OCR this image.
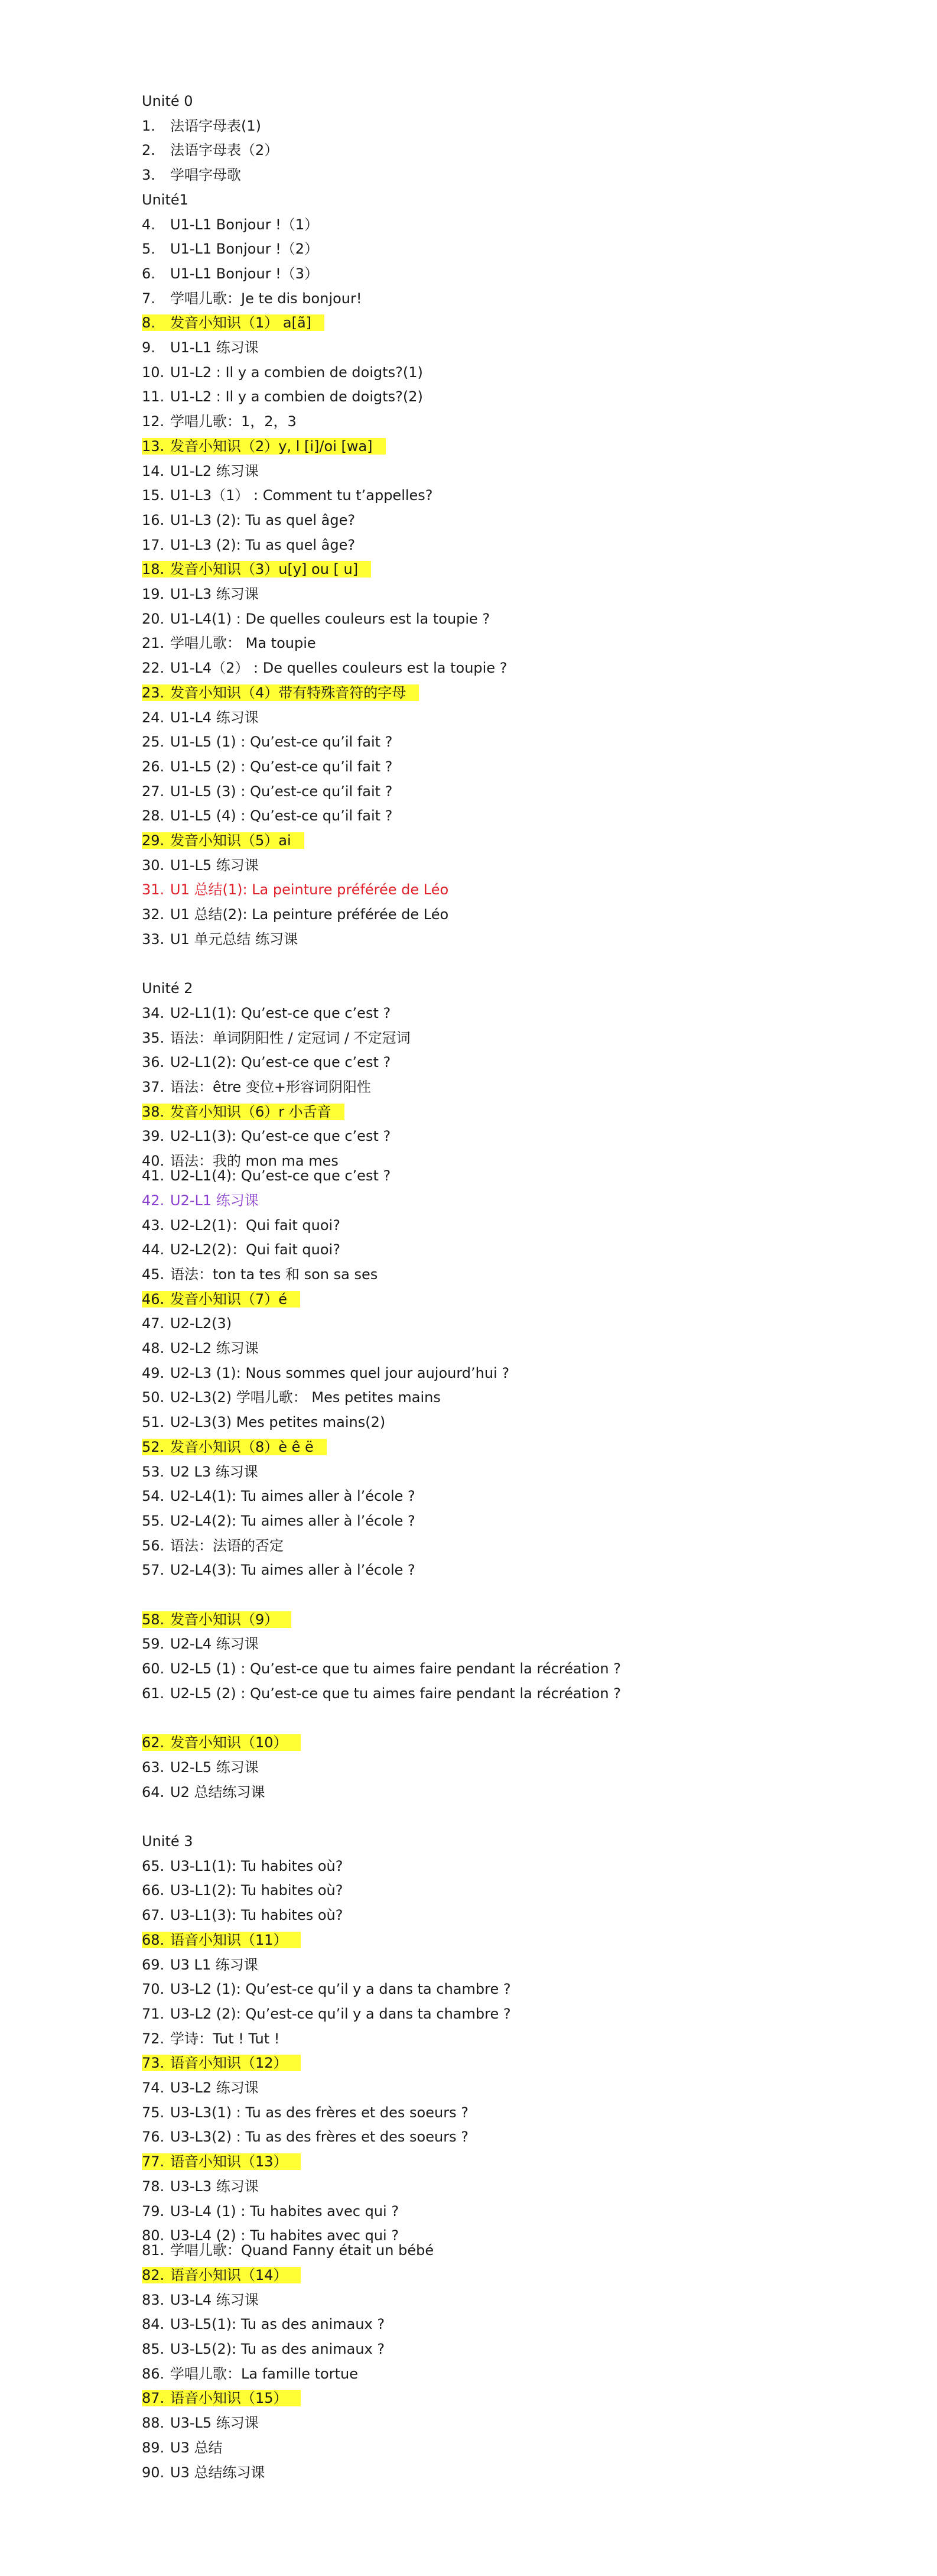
Unité 0
1. 法语字母表(1)
2. 法语字母表（2）
3. 学唱字母歌
Unité1
4. U1-L1 Bonjour !（1）
5. U1-L1 Bonjour !（2）
6. U1-L1 Bonjour !（3）
7. 学唱儿歌：Je te dis bonjour!
8. 发音小知识（1） a[ã]
9. U1-L1 练习课
10. U1-L2 : Il y a combien de doigts?(1)
11. U1-L2 : Il y a combien de doigts?(2)
12. 学唱儿歌：1，2，3
13. 发音小知识（2）y, l [i]/oi [wa]
14. U1-L2 练习课
15. U1-L3（1） : Comment tu t’appelles?
16. U1-L3 (2): Tu as quel âge?
17. U1-L3 (2): Tu as quel âge?
18. 发音小知识（3）u[y] ou [ u]
19. U1-L3 练习课
20. U1-L4(1) : De quelles couleurs est la toupie ?
21. 学唱儿歌： Ma toupie
22. U1-L4（2） : De quelles couleurs est la toupie ?
23. 发音小知识（4）带有特殊音符的字母
24. U1-L4 练习课
25. U1-L5 (1) : Qu’est-ce qu’il fait ?
26. U1-L5 (2) : Qu’est-ce qu’il fait ?
27. U1-L5 (3) : Qu’est-ce qu’il fait ?
28. U1-L5 (4) : Qu’est-ce qu’il fait ?
29. 发音小知识（5）ai
30. U1-L5 练习课
31. U1 总结(1): La peinture préférée de Léo
32. U1 总结(2): La peinture préférée de Léo
33. U1 单元总结 练习课
Unité 2
34. U2-L1(1): Qu’est-ce que c’est ?
35. 语法：单词阴阳性 / 定冠词 / 不定冠词
36. U2-L1(2): Qu’est-ce que c’est ?
37. 语法：être 变位+形容词阴阳性
38. 发音小知识（6）r 小舌音
39. U2-L1(3): Qu’est-ce que c’est ?
40. 语法：我的 mon ma mes
41. U2-L1(4): Qu’est-ce que c’est ?
42. U2-L1 练习课
43. U2-L2(1)：Qui fait quoi?
44. U2-L2(2)：Qui fait quoi?
45. 语法：ton ta tes 和 son sa ses
46. 发音小知识（7）é
47. U2-L2(3)
48. U2-L2 练习课
49. U2-L3 (1): Nous sommes quel jour aujourd’hui ?
50. U2-L3(2) 学唱儿歌： Mes petites mains
51. U2-L3(3) Mes petites mains(2)
52. 发音小知识（8）è ê ë
53. U2 L3 练习课
54. U2-L4(1): Tu aimes aller à l’école ?
55. U2-L4(2): Tu aimes aller à l’école ?
56. 语法：法语的否定
57. U2-L4(3): Tu aimes aller à l’école ?
58. 发音小知识（9）
59. U2-L4 练习课
60. U2-L5 (1) : Qu’est-ce que tu aimes faire pendant la récréation ?
61. U2-L5 (2) : Qu’est-ce que tu aimes faire pendant la récréation ?
62. 发音小知识（10）
63. U2-L5 练习课
64. U2 总结练习课
Unité 3
65. U3-L1(1): Tu habites où?
66. U3-L1(2): Tu habites où?
67. U3-L1(3): Tu habites où?
68. 语音小知识（11）
69. U3 L1 练习课
70. U3-L2 (1): Qu’est-ce qu’il y a dans ta chambre ?
71. U3-L2 (2): Qu’est-ce qu’il y a dans ta chambre ?
72. 学诗：Tut ! Tut !
73. 语音小知识（12）
74. U3-L2 练习课
75. U3-L3(1) : Tu as des frères et des soeurs ?
76. U3-L3(2) : Tu as des frères et des soeurs ?
77. 语音小知识（13）
78. U3-L3 练习课
79. U3-L4 (1) : Tu habites avec qui ?
80. U3-L4 (2) : Tu habites avec qui ?
81. 学唱儿歌：Quand Fanny était un bébé
82. 语音小知识（14）
83. U3-L4 练习课
84. U3-L5(1): Tu as des animaux ?
85. U3-L5(2): Tu as des animaux ?
86. 学唱儿歌：La famille tortue
87. 语音小知识（15）
88. U3-L5 练习课
89. U3 总结
90. U3 总结练习课
